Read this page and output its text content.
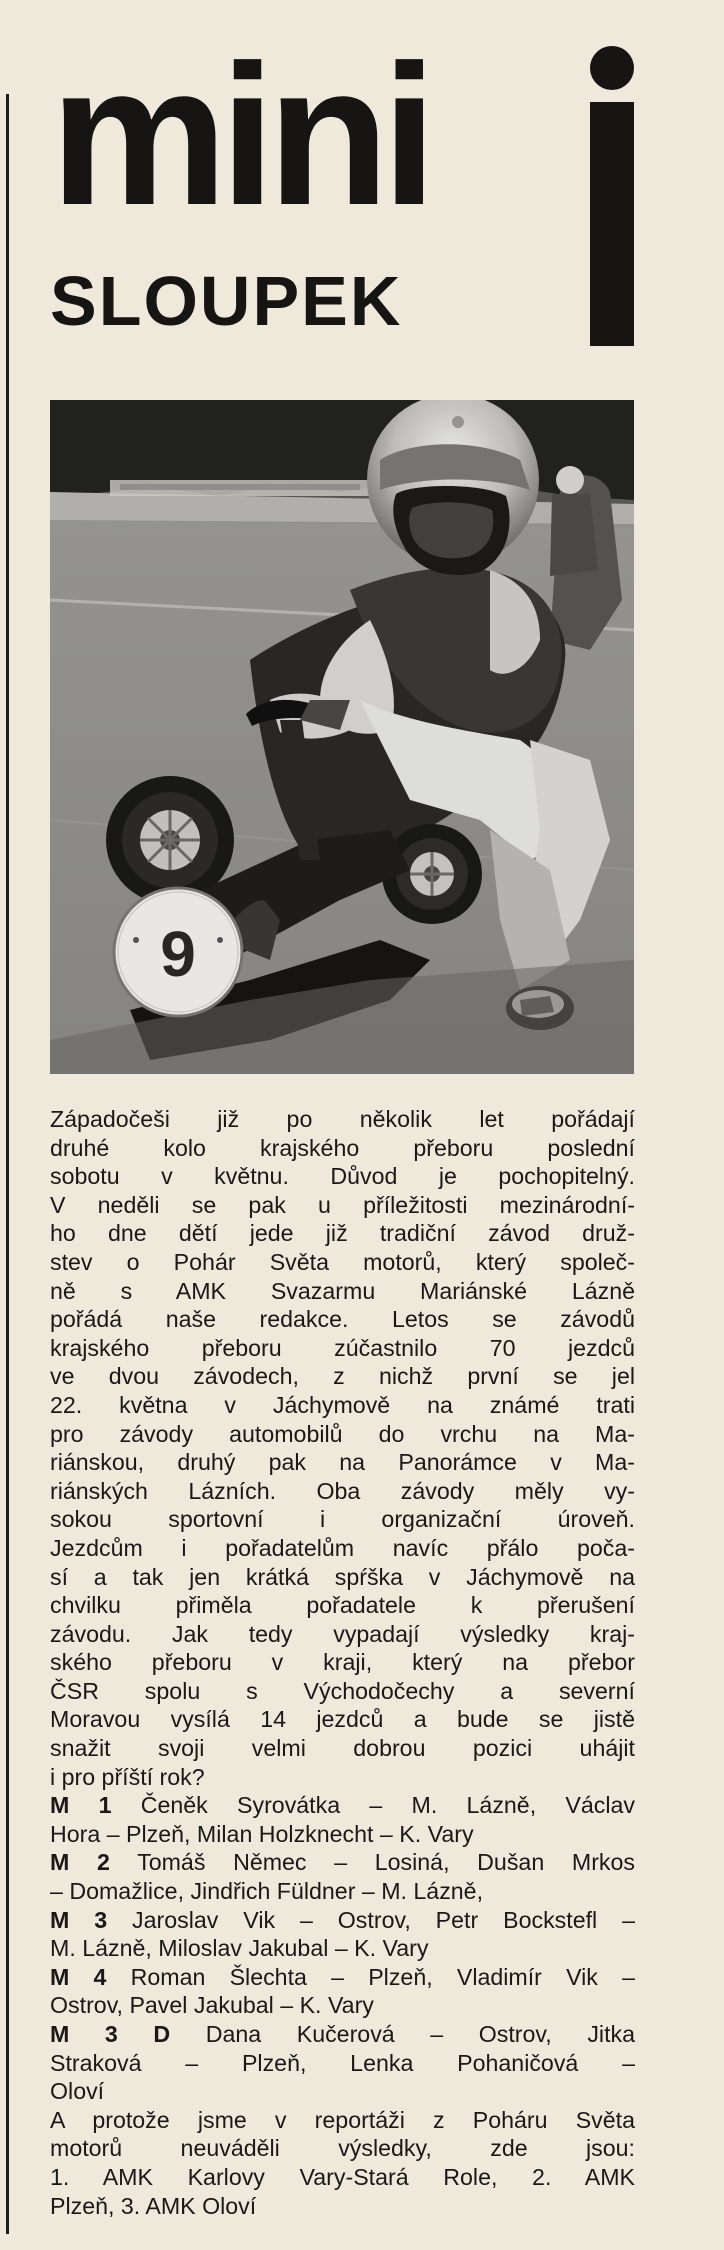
mini
SLOUPEK
9

Západočeši již po několik let pořádají
druhé kolo krajského přeboru poslední
sobotu v květnu. Důvod je pochopitelný.
V neděli se pak u příležitosti mezinárodní-
ho dne dětí jede již tradiční závod druž-
stev o Pohár Světa motorů, který společ-
ně s AMK Svazarmu Mariánské Lázně
pořádá naše redakce. Letos se závodů
krajského přeboru zúčastnilo 70 jezdců
ve dvou závodech, z nichž první se jel
22. května v Jáchymově na známé trati
pro závody automobilů do vrchu na Ma-
riánskou, druhý pak na Panorámce v Ma-
riánských Lázních. Oba závody měly vy-
sokou sportovní i organizační úroveň.
Jezdcům i pořadatelům navíc přálo poča-
sí a tak jen krátká spŕška v Jáchymově na
chvilku přiměla pořadatele k přerušení
závodu. Jak tedy vypadají výsledky kraj-
ského přeboru v kraji, který na přebor
ČSR spolu s Východočechy a severní
Moravou vysílá 14 jezdců a bude se jistě
snažit svoji velmi dobrou pozici uhájit
i pro příští rok?

M 1 Čeněk Syrovátka – M. Lázně, Václav
Hora – Plzeň, Milan Holzknecht – K. Vary
M 2 Tomáš Němec – Losiná, Dušan Mrkos
– Domažlice, Jindřich Füldner – M. Lázně,
M 3 Jaroslav Vik – Ostrov, Petr Bockstefl –
M. Lázně, Miloslav Jakubal – K. Vary
M 4 Roman Šlechta – Plzeň, Vladimír Vik –
Ostrov, Pavel Jakubal – K. Vary
M 3 D Dana Kučerová – Ostrov, Jitka
Straková – Plzeň, Lenka Pohaničová –
Oloví

A protože jsme v reportáži z Poháru Světa
motorů neuváděli výsledky, zde jsou:
1. AMK Karlovy Vary-Stará Role, 2. AMK
Plzeň, 3. AMK Oloví
